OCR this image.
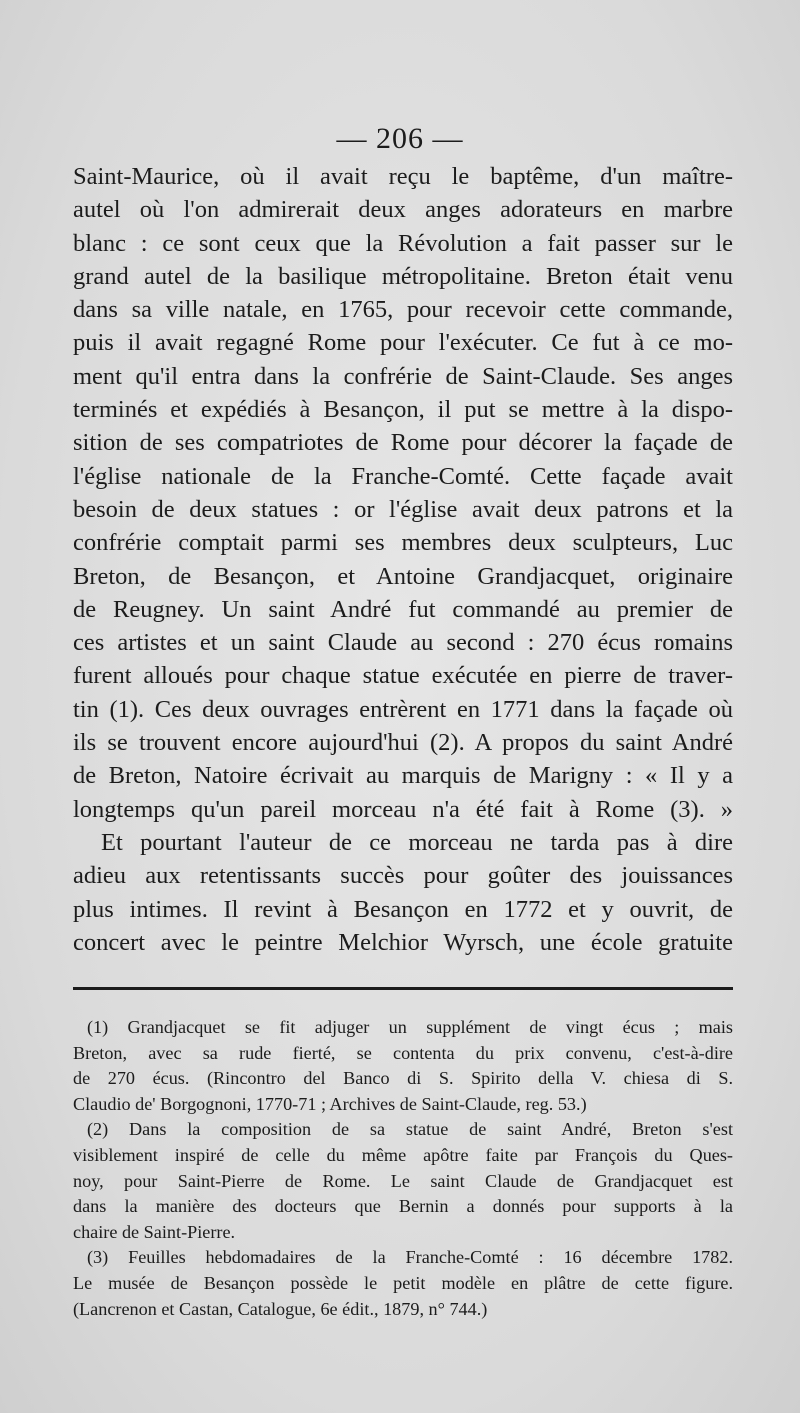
— 206 —
Saint-Maurice, où il avait reçu le baptême, d'un maître-
autel où l'on admirerait deux anges adorateurs en marbre
blanc : ce sont ceux que la Révolution a fait passer sur le
grand autel de la basilique métropolitaine. Breton était venu
dans sa ville natale, en 1765, pour recevoir cette commande,
puis il avait regagné Rome pour l'exécuter. Ce fut à ce mo-
ment qu'il entra dans la confrérie de Saint-Claude. Ses anges
terminés et expédiés à Besançon, il put se mettre à la dispo-
sition de ses compatriotes de Rome pour décorer la façade de
l'église nationale de la Franche-Comté. Cette façade avait
besoin de deux statues : or l'église avait deux patrons et la
confrérie comptait parmi ses membres deux sculpteurs, Luc
Breton, de Besançon, et Antoine Grandjacquet, originaire
de Reugney. Un saint André fut commandé au premier de
ces artistes et un saint Claude au second : 270 écus romains
furent alloués pour chaque statue exécutée en pierre de traver-
tin (1). Ces deux ouvrages entrèrent en 1771 dans la façade où
ils se trouvent encore aujourd'hui (2). A propos du saint André
de Breton, Natoire écrivait au marquis de Marigny : « Il y a
longtemps qu'un pareil morceau n'a été fait à Rome (3). »
Et pourtant l'auteur de ce morceau ne tarda pas à dire
adieu aux retentissants succès pour goûter des jouissances
plus intimes. Il revint à Besançon en 1772 et y ouvrit, de
concert avec le peintre Melchior Wyrsch, une école gratuite
(1) Grandjacquet se fit adjuger un supplément de vingt écus ; mais
Breton, avec sa rude fierté, se contenta du prix convenu, c'est-à-dire
de 270 écus. (Rincontro del Banco di S. Spirito della V. chiesa di S.
Claudio de' Borgognoni, 1770-71 ; Archives de Saint-Claude, reg. 53.)
(2) Dans la composition de sa statue de saint André, Breton s'est
visiblement inspiré de celle du même apôtre faite par François du Ques-
noy, pour Saint-Pierre de Rome. Le saint Claude de Grandjacquet est
dans la manière des docteurs que Bernin a donnés pour supports à la
chaire de Saint-Pierre.
(3) Feuilles hebdomadaires de la Franche-Comté : 16 décembre 1782.
Le musée de Besançon possède le petit modèle en plâtre de cette figure.
(Lancrenon et Castan, Catalogue, 6e édit., 1879, n° 744.)
